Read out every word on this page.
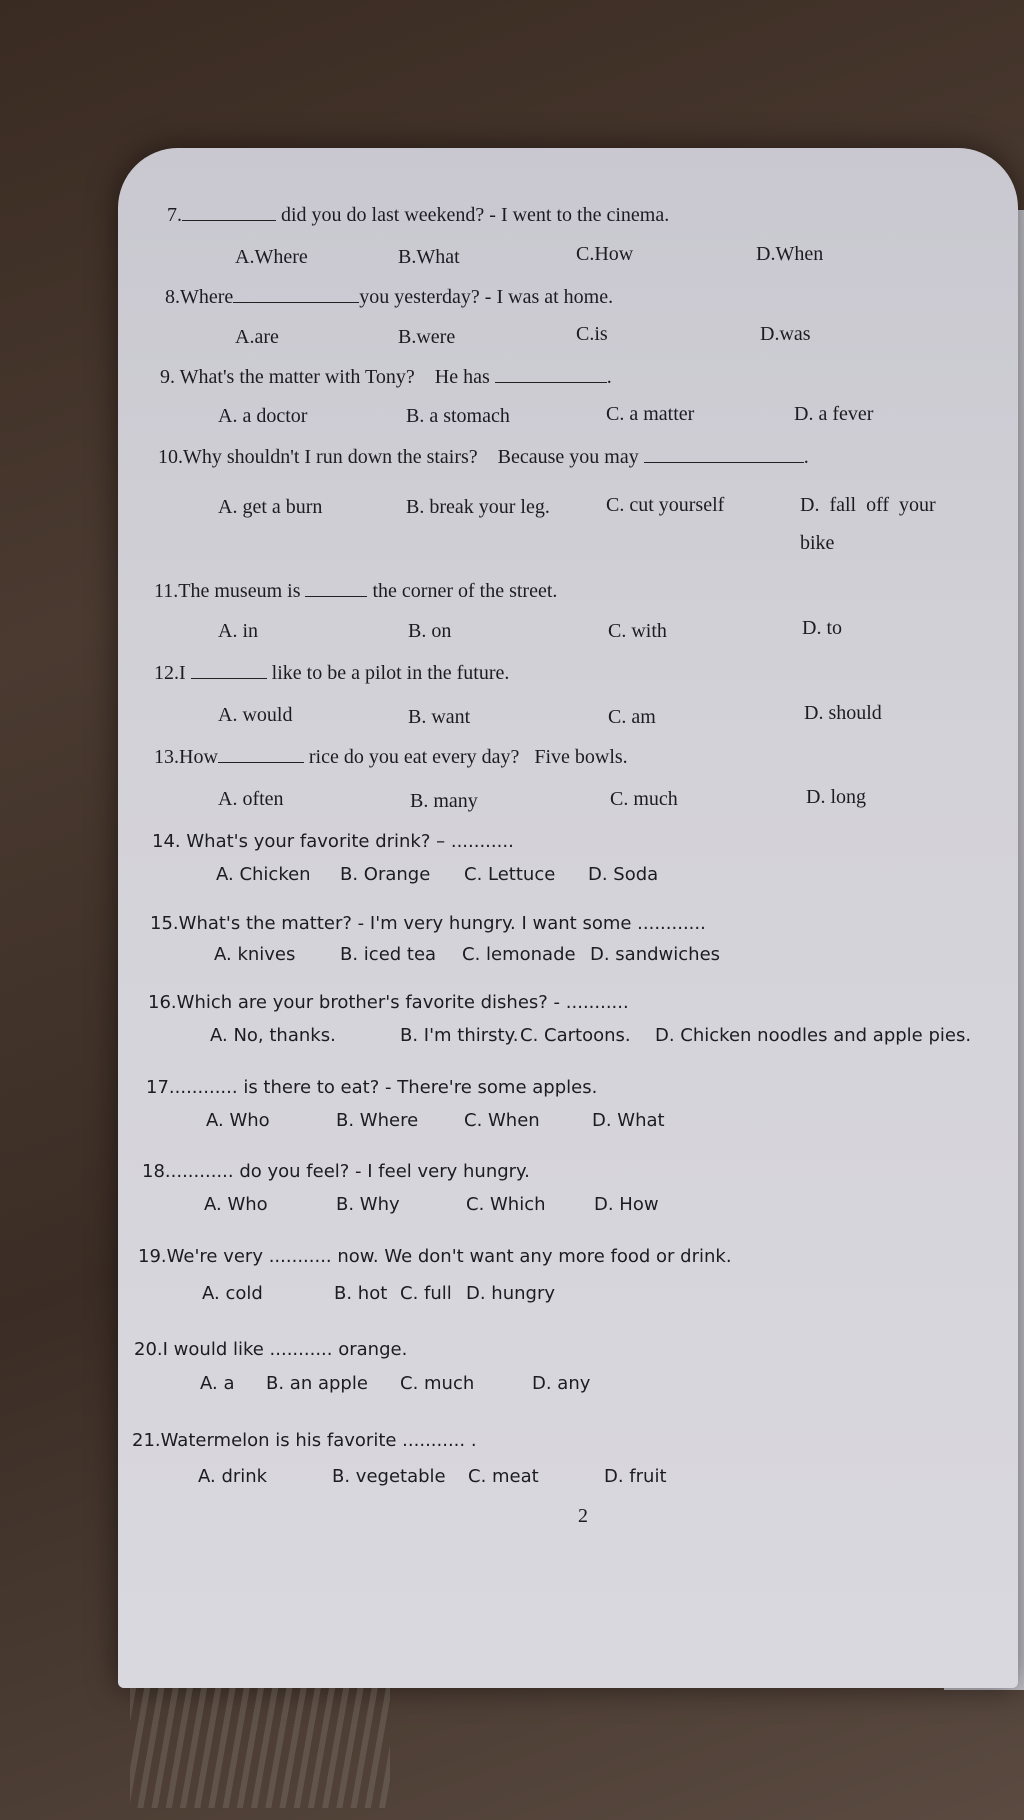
7.	did you do last weekend? - I went to the cinema.
A.Where	B.What	C.How	D.When
8.Where	you yesterday? - I was at home.
A.are	B.were	C.is	D.was
9. What's the matter with Tony?    He has	.
A. a doctor	B. a stomach	C. a matter	D. a fever
10.Why shouldn't I run down the stairs?    Because you may	.
A. get a burn	B. break your leg.	C. cut yourself	D.  fall  off  your
bike
11.The museum is	the corner of the street.
A. in	B. on	C. with	D. to
12.I	like to be a pilot in the future.
A. would	B. want	C. am	D. should
13.How	rice do you eat every day?   Five bowls.
A. often	B. many	C. much	D. long
14. What's your favorite drink? – ...........
A. Chicken B. Orange C. Lettuce D. Soda
15.What's the matter? - I'm very hungry. I want some ............
A. knives B. iced tea C. lemonade D. sandwiches
16.Which are your brother's favorite dishes? - ...........
A. No, thanks.	B. I'm thirsty. C. Cartoons. D. Chicken noodles and apple pies.
17............ is there to eat? - There're some apples.
A. Who	B. Where	C. When	D. What
18............ do you feel? - I feel very hungry.
A. Who	B. Why	C. Which	D. How
19.We're very ........... now. We don't want any more food or drink.
A. cold	B. hot C. full D. hungry
20.I would like ........... orange.
A. a B. an apple C. much	D. any
21.Watermelon is his favorite ........... .
A. drink	B. vegetable C. meat	D. fruit
2
